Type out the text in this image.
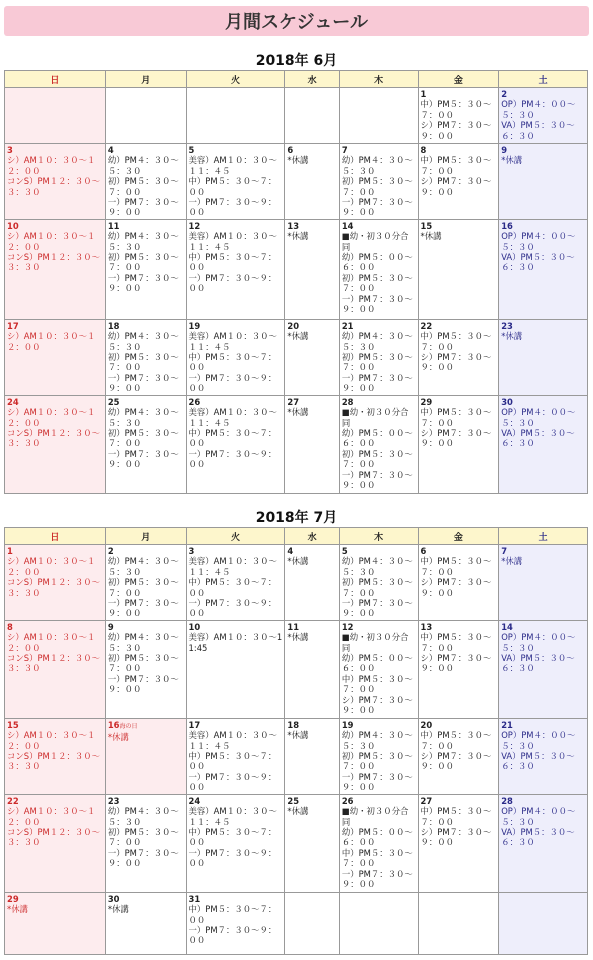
月間スケジュール
2018年 6月
日	月	火	水	木	金	土

					1
中）PM５：３０～７：００
シ）PM７：３０～９：００	2
OP）PM４：００～５：３０
VA）PM５：３０～６：３０

3
シ）AM１０：３０～１２：００
コンS）PM１２：３０～３：３０	4
幼）PM４：３０～５：３０
初）PM５：３０～７：００
一）PM７：３０～９：００	5
美容）AM１０：３０～１１：４５
中）PM５：３０～７：００
一）PM７：３０～９：００	6
*休講	7
幼）PM４：３０～５：３０
初）PM５：３０～７：００
一）PM７：３０～９：００	8
中）PM５：３０～７：００
シ）PM７：３０～９：００	9
*休講

10
シ）AM１０：３０～１２：００
コンS）PM１２：３０～３：３０	11
幼）PM４：３０～５：３０
初）PM５：３０～７：００
一）PM７：３０～９：００	12
美容）AM１０：３０～１１：４５
中）PM５：３０～７：００
一）PM７：３０～９：００	13
*休講	14
■幼・初３０分合同
幼）PM５：００～６：００
初）PM５：３０～７：００
一）PM７：３０～９：００	15
*休講	16
OP）PM４：００～５：３０
VA）PM５：３０～６：３０

17
シ）AM１０：３０～１２：００	18
幼）PM４：３０～５：３０
初）PM５：３０～７：００
一）PM７：３０～９：００	19
美容）AM１０：３０～１１：４５
中）PM５：３０～７：００
一）PM７：３０～９：００	20
*休講	21
幼）PM４：３０～５：３０
初）PM５：３０～７：００
一）PM７：３０～９：００	22
中）PM５：３０～７：００
シ）PM７：３０～９：００	23
*休講

24
シ）AM１０：３０～１２：００
コンS）PM１２：３０～３：３０	25
幼）PM４：３０～５：３０
初）PM５：３０～７：００
一）PM７：３０～９：００	26
美容）AM１０：３０～１１：４５
中）PM５：３０～７：００
一）PM７：３０～９：００	27
*休講	28
■幼・初３０分合同
幼）PM５：００～６：００
初）PM５：３０～７：００
一）PM７：３０～９：００	29
中）PM５：３０～７：００
シ）PM７：３０～９：００	30
OP）PM４：００～５：３０
VA）PM５：３０～６：３０
2018年 7月
日	月	火	水	木	金	土

1
シ）AM１０：３０～１２：００
コンS）PM１２：３０～３：３０	2
幼）PM４：３０～５：３０
初）PM５：３０～７：００
一）PM７：３０～９：００	3
美容）AM１０：３０～１１：４５
中）PM５：３０～７：００
一）PM７：３０～９：００	4
*休講	5
幼）PM４：３０～５：３０
初）PM５：３０～７：００
一）PM７：３０～９：００	6
中）PM５：３０～７：００
シ）PM７：３０～９：００	7
*休講

8
シ）AM１０：３０～１２：００
コンS）PM１２：３０～３：３０	9
幼）PM４：３０～５：３０
初）PM５：３０～７：００
一）PM７：３０～９：００	10
美容）AM１０：３０～11:45	11
*休講	12
■幼・初３０分合同
幼）PM５：００～６：００
中）PM５：３０～７：００
シ）PM７：３０～９：００	13
中）PM５：３０～７：００
シ）PM７：３０～９：００	14
OP）PM４：００～５：３０
VA）PM５：３０～６：３０

15
シ）AM１０：３０～１２：００
コンS）PM１２：３０～３：３０	16海の日
*休講	17
美容）AM１０：３０～１１：４５
中）PM５：３０～７：００
一）PM７：３０～９：００	18
*休講	19
幼）PM４：３０～５：３０
初）PM５：３０～７：００
一）PM７：３０～９：００	20
中）PM５：３０～７：００
シ）PM７：３０～９：００	21
OP）PM４：００～５：３０
VA）PM５：３０～６：３０

22
シ）AM１０：３０～１２：００
コンS）PM１２：３０～３：３０	23
幼）PM４：３０～５：３０
初）PM５：３０～７：００
一）PM７：３０～９：００	24
美容）AM１０：３０～１１：４５
中）PM５：３０～７：００
一）PM７：３０～９：００	25
*休講	26
■幼・初３０分合同
幼）PM５：００～６：００
中）PM５：３０～７：００
一）PM７：３０～９：００	27
中）PM５：３０～７：００
シ）PM７：３０～９：００	28
OP）PM４：００～５：３０
VA）PM５：３０～６：３０

29
*休講	30
*休講	31
中）PM５：３０～７：００
一）PM７：３０～９：００				
